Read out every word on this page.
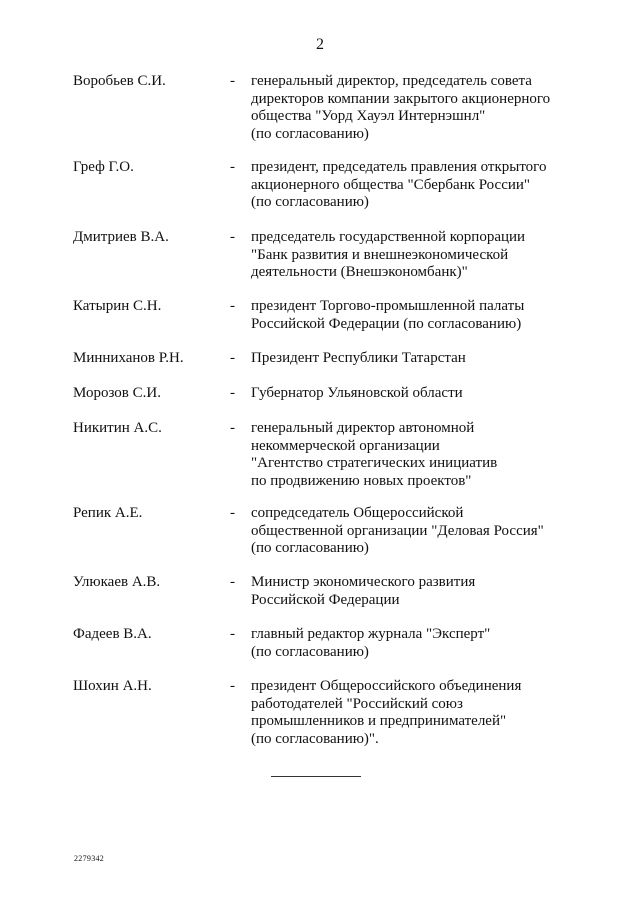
2
Воробьев С.И.	- генеральный директор, председатель совета
директоров компании закрытого акционерного
общества "Уорд Хауэл Интернэшнл"
(по согласованию)
Греф Г.О.	- президент, председатель правления открытого
акционерного общества "Сбербанк России"
(по согласованию)
Дмитриев В.А.	- председатель государственной корпорации
"Банк развития и внешнеэкономической
деятельности (Внешэкономбанк)"
Катырин С.Н.	- президент Торгово-промышленной палаты
Российской Федерации (по согласованию)
Минниханов Р.Н.	- Президент Республики Татарстан
Морозов С.И.	- Губернатор Ульяновской области
Никитин А.С.	- генеральный директор автономной
некоммерческой организации
"Агентство стратегических инициатив
по продвижению новых проектов"
Репик А.Е.	- сопредседатель Общероссийской
общественной организации "Деловая Россия"
(по согласованию)
Улюкаев А.В.	- Министр экономического развития
Российской Федерации
Фадеев В.А.	- главный редактор журнала "Эксперт"
(по согласованию)
Шохин А.Н.	- президент Общероссийского объединения
работодателей "Российский союз
промышленников и предпринимателей"
(по согласованию)".
2279342
